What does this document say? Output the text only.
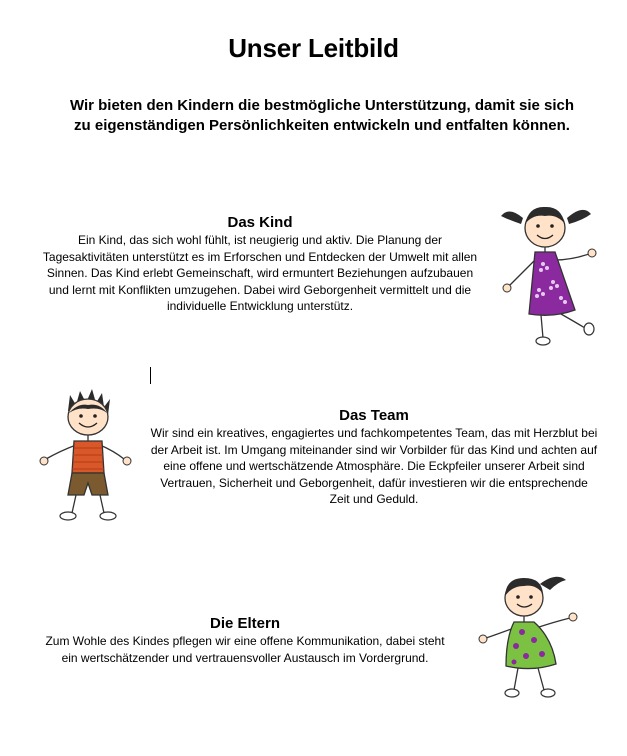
Unser Leitbild
Wir bieten den Kindern die bestmögliche Unterstützung, damit sie sich zu eigenständigen Persönlichkeiten entwickeln und entfalten können.
Das Kind

Ein Kind, das sich wohl fühlt, ist neugierig und aktiv. Die Planung der Tagesaktivitäten unterstützt es im Erforschen und Entdecken der Umwelt mit allen Sinnen. Das Kind erlebt Gemeinschaft, wird ermuntert Beziehungen aufzubauen und lernt mit Konflikten umzugehen. Dabei wird Geborgenheit vermittelt und die individuelle Entwicklung unterstütz.

Das Team

Wir sind ein kreatives, engagiertes und fachkompetentes Team, das mit Herzblut bei der Arbeit ist. Im Umgang miteinander sind wir Vorbilder für das Kind und achten auf eine offene und wertschätzende Atmosphäre. Die Eckpfeiler unserer Arbeit sind Vertrauen, Sicherheit und Geborgenheit, dafür investieren wir die entsprechende Zeit und Geduld.

Die Eltern

Zum Wohle des Kindes pflegen wir eine offene Kommunikation, dabei steht ein wertschätzender und vertrauensvoller Austausch im Vordergrund.
